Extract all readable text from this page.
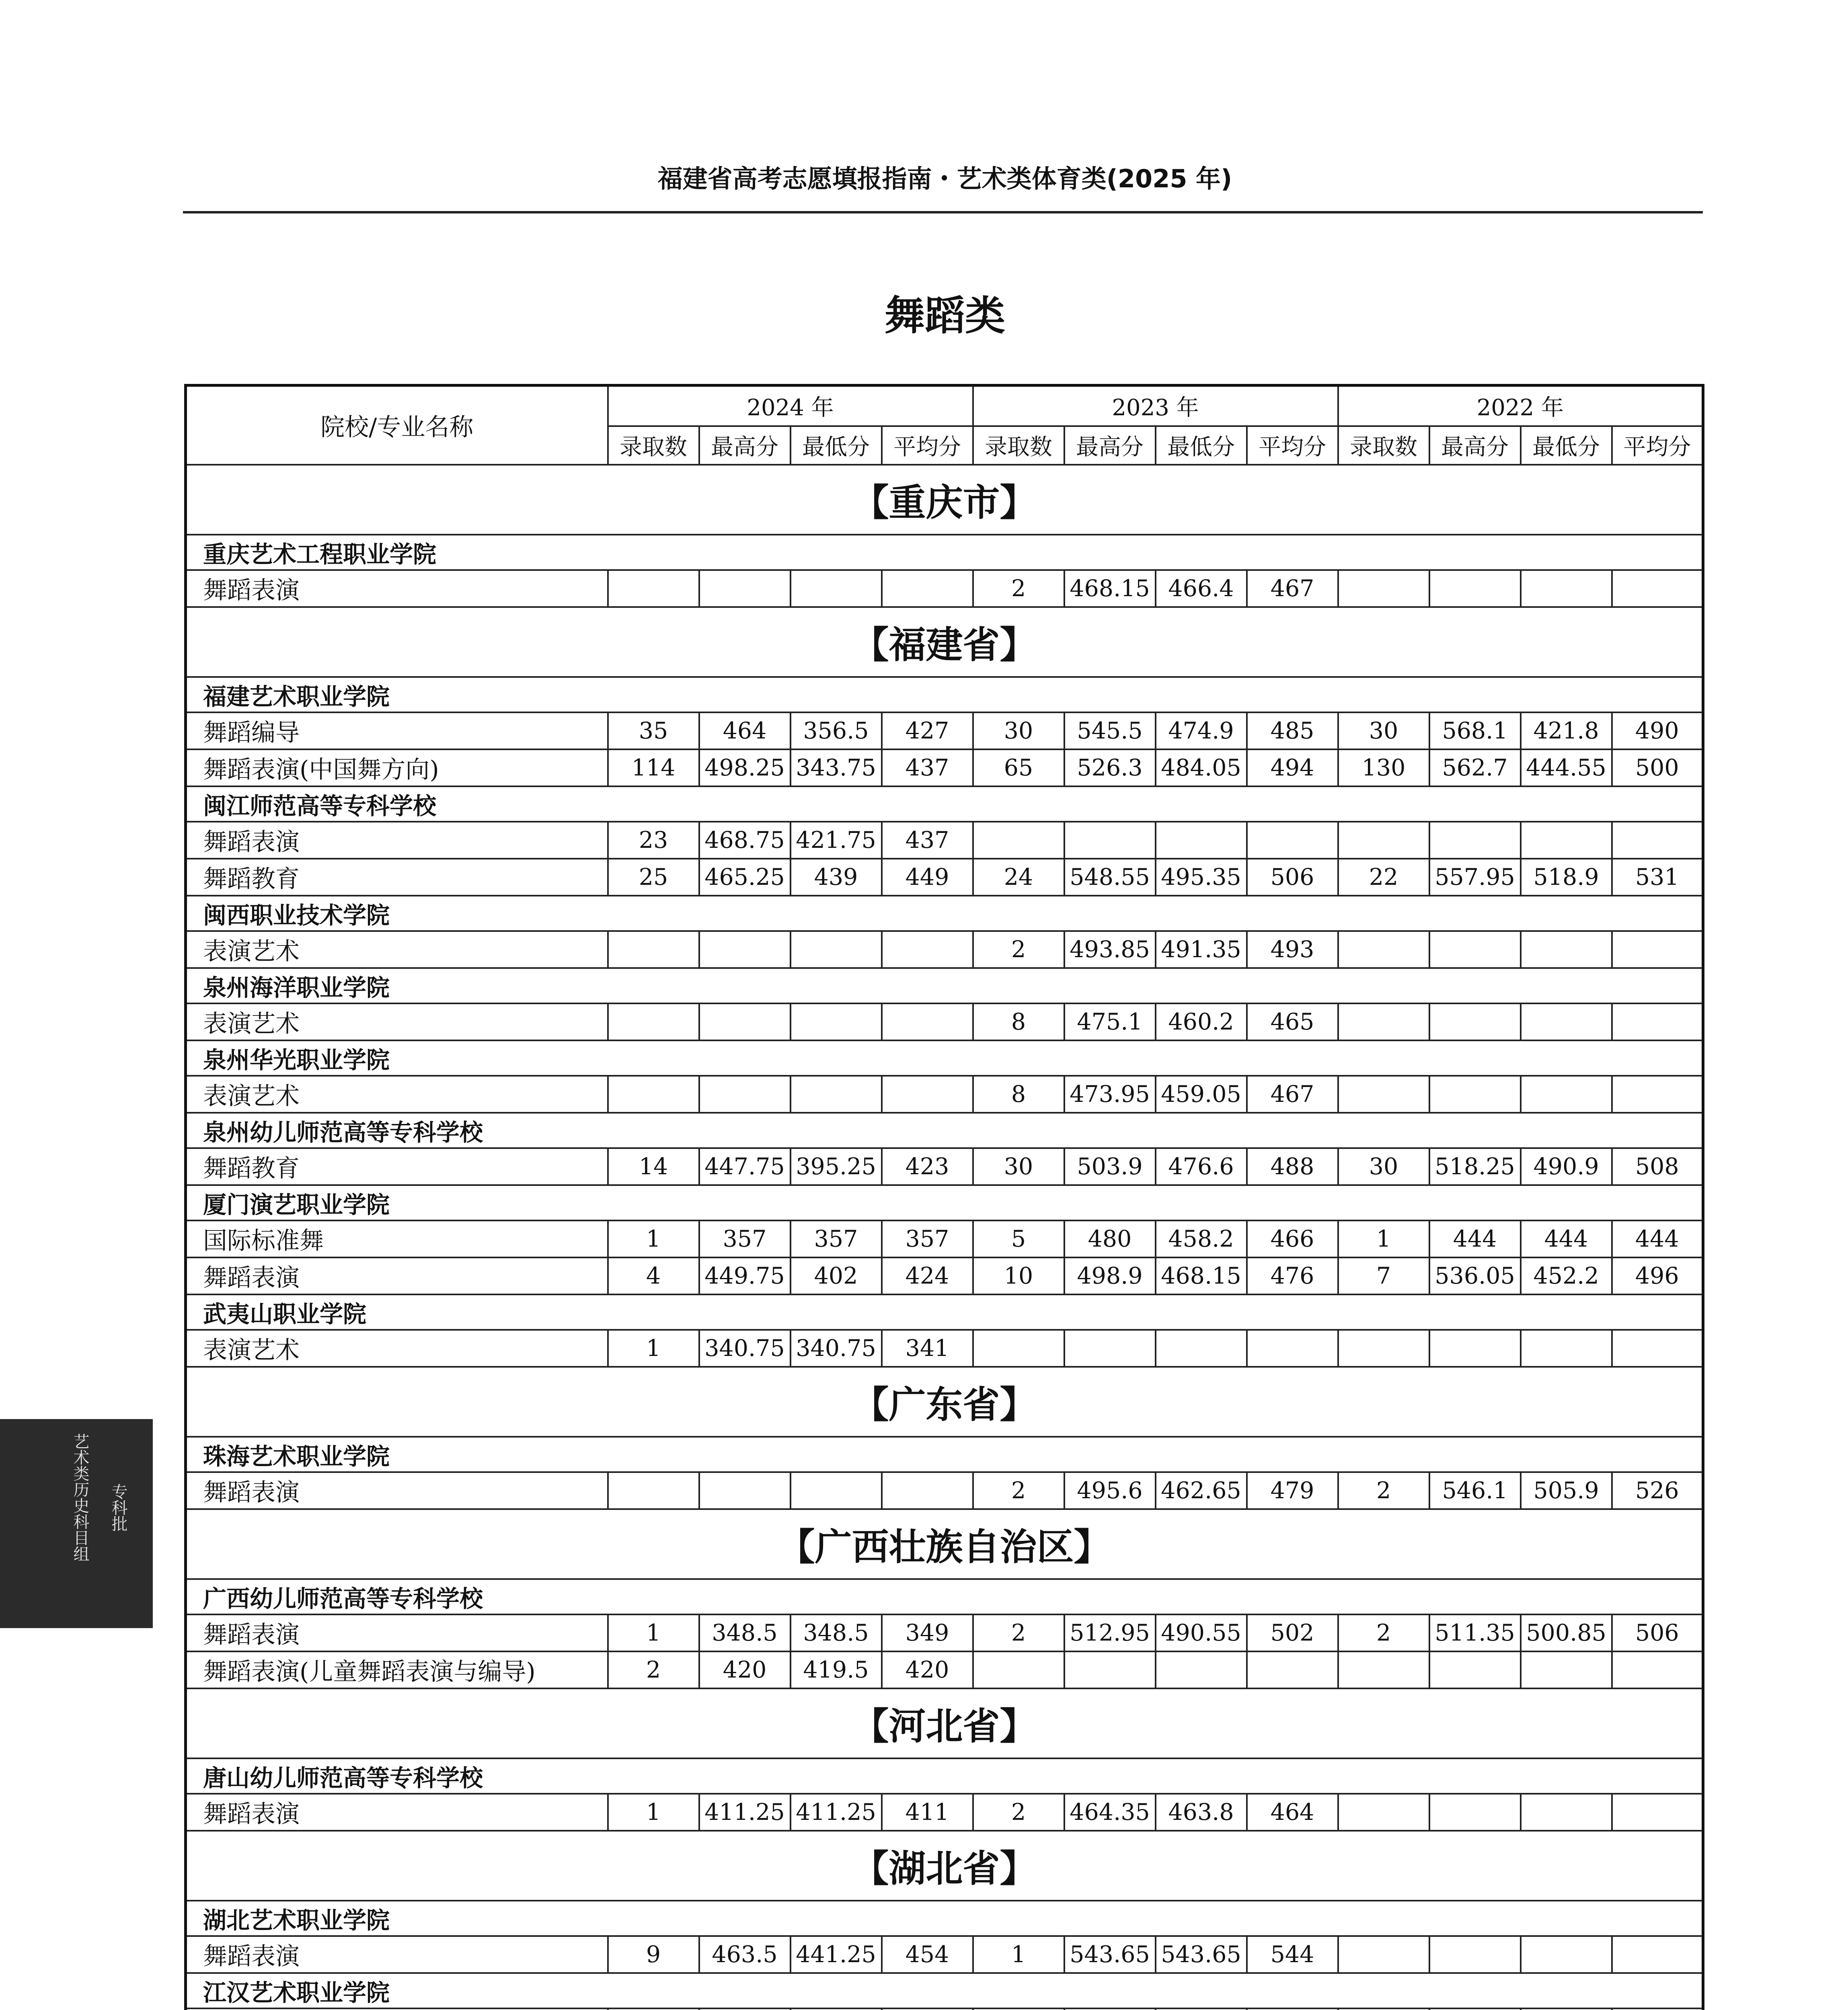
福建省高考志愿填报指南・艺术类体育类(2025 年)
舞蹈类
院校/专业名称	2024 年				2023 年				2022 年			
	录取数	最高分	最低分	平均分	录取数	最高分	最低分	平均分	录取数	最高分	最低分	平均分
【重庆市】												
重庆艺术工程职业学院												
舞蹈表演					2	468.15	466.4	467				
【福建省】												
福建艺术职业学院												
舞蹈编导	35	464	356.5	427	30	545.5	474.9	485	30	568.1	421.8	490
舞蹈表演(中国舞方向)	114	498.25	343.75	437	65	526.3	484.05	494	130	562.7	444.55	500
闽江师范高等专科学校												
舞蹈表演	23	468.75	421.75	437								
舞蹈教育	25	465.25	439	449	24	548.55	495.35	506	22	557.95	518.9	531
闽西职业技术学院												
表演艺术					2	493.85	491.35	493				
泉州海洋职业学院												
表演艺术					8	475.1	460.2	465				
泉州华光职业学院												
表演艺术					8	473.95	459.05	467				
泉州幼儿师范高等专科学校												
舞蹈教育	14	447.75	395.25	423	30	503.9	476.6	488	30	518.25	490.9	508
厦门演艺职业学院												
国际标准舞	1	357	357	357	5	480	458.2	466	1	444	444	444
舞蹈表演	4	449.75	402	424	10	498.9	468.15	476	7	536.05	452.2	496
武夷山职业学院												
表演艺术	1	340.75	340.75	341								
【广东省】												
珠海艺术职业学院												
舞蹈表演					2	495.6	462.65	479	2	546.1	505.9	526
【广西壮族自治区】												
广西幼儿师范高等专科学校												
舞蹈表演	1	348.5	348.5	349	2	512.95	490.55	502	2	511.35	500.85	506
舞蹈表演(儿童舞蹈表演与编导)	2	420	419.5	420								
【河北省】												
唐山幼儿师范高等专科学校												
舞蹈表演	1	411.25	411.25	411	2	464.35	463.8	464				
【湖北省】												
湖北艺术职业学院												
舞蹈表演	9	463.5	441.25	454	1	543.65	543.65	544				
江汉艺术职业学院												

艺术类历史科目组 专科批
